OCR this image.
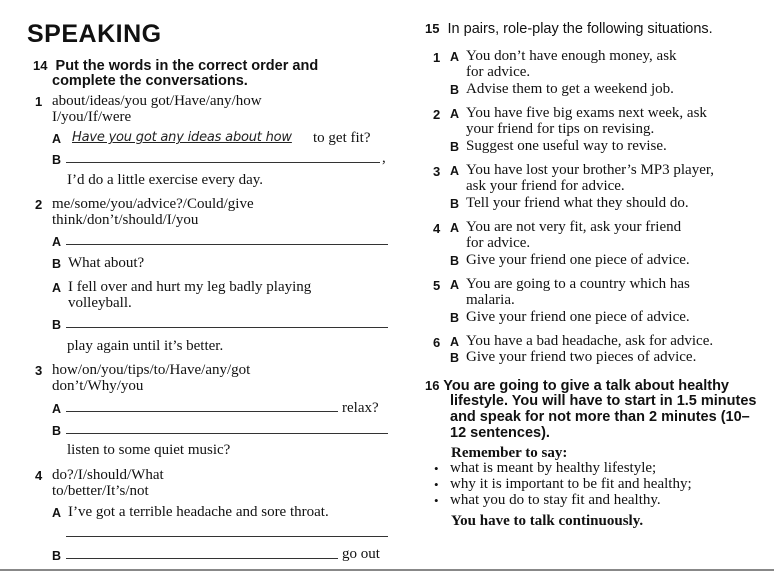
SPEAKING
14 Put the words in the correct order and
complete the conversations.
1 about/ideas/you got/Have/any/how
I/you/If/were
A Have you got any ideas about how to get fit?
B	,
I’d do a little exercise every day.
2 me/some/you/advice?/Could/give
think/don’t/should/I/you
A
B What about?
A I fell over and hurt my leg badly playing
volleyball.
B
play again until it’s better.
3 how/on/you/tips/to/Have/any/got
don’t/Why/you
A	relax?
B
listen to some quiet music?
4 do?/I/should/What
to/better/It’s/not
A I’ve got a terrible headache and sore throat.
B	go out
15 In pairs, role-play the following situations.
1 A You don’t have enough money, ask
for advice.
B Advise them to get a weekend job.
2 A You have five big exams next week, ask
your friend for tips on revising.
B Suggest one useful way to revise.
3 A You have lost your brother’s MP3 player,
ask your friend for advice.
B Tell your friend what they should do.
4 A You are not very fit, ask your friend
for advice.
B Give your friend one piece of advice.
5 A You are going to a country which has
malaria.
B Give your friend one piece of advice.
6 A You have a bad headache, ask for advice.
B Give your friend two pieces of advice.
16 You are going to give a talk about healthy
lifestyle. You will have to start in 1.5 minutes
and speak for not more than 2 minutes (10–
12 sentences).
Remember to say:
• what is meant by healthy lifestyle;
• why it is important to be fit and healthy;
• what you do to stay fit and healthy.
You have to talk continuously.
